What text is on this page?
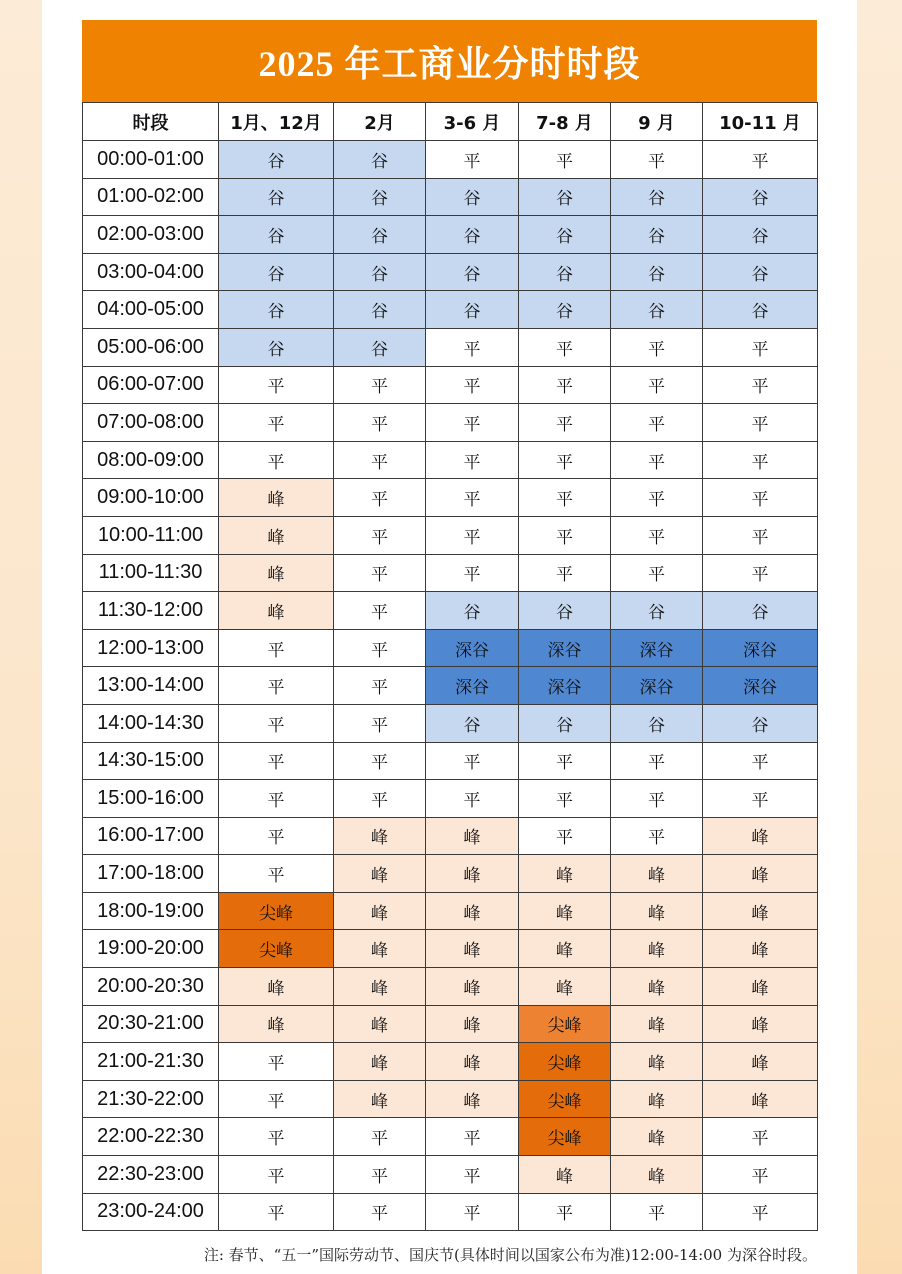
2025 年工商业分时时段
时段	1月、12月	2月	3-6 月	7-8 月	9 月	10-11 月
00:00-01:00	谷	谷	平	平	平	平
01:00-02:00	谷	谷	谷	谷	谷	谷
02:00-03:00	谷	谷	谷	谷	谷	谷
03:00-04:00	谷	谷	谷	谷	谷	谷
04:00-05:00	谷	谷	谷	谷	谷	谷
05:00-06:00	谷	谷	平	平	平	平
06:00-07:00	平	平	平	平	平	平
07:00-08:00	平	平	平	平	平	平
08:00-09:00	平	平	平	平	平	平
09:00-10:00	峰	平	平	平	平	平
10:00-11:00	峰	平	平	平	平	平
11:00-11:30	峰	平	平	平	平	平
11:30-12:00	峰	平	谷	谷	谷	谷
12:00-13:00	平	平	深谷	深谷	深谷	深谷
13:00-14:00	平	平	深谷	深谷	深谷	深谷
14:00-14:30	平	平	谷	谷	谷	谷
14:30-15:00	平	平	平	平	平	平
15:00-16:00	平	平	平	平	平	平
16:00-17:00	平	峰	峰	平	平	峰
17:00-18:00	平	峰	峰	峰	峰	峰
18:00-19:00	尖峰	峰	峰	峰	峰	峰
19:00-20:00	尖峰	峰	峰	峰	峰	峰
20:00-20:30	峰	峰	峰	峰	峰	峰
20:30-21:00	峰	峰	峰	尖峰	峰	峰
21:00-21:30	平	峰	峰	尖峰	峰	峰
21:30-22:00	平	峰	峰	尖峰	峰	峰
22:00-22:30	平	平	平	尖峰	峰	平
22:30-23:00	平	平	平	峰	峰	平
23:00-24:00	平	平	平	平	平	平
注: 春节、“五一”国际劳动节、国庆节(具体时间以国家公布为准)12:00-14:00 为深谷时段。
